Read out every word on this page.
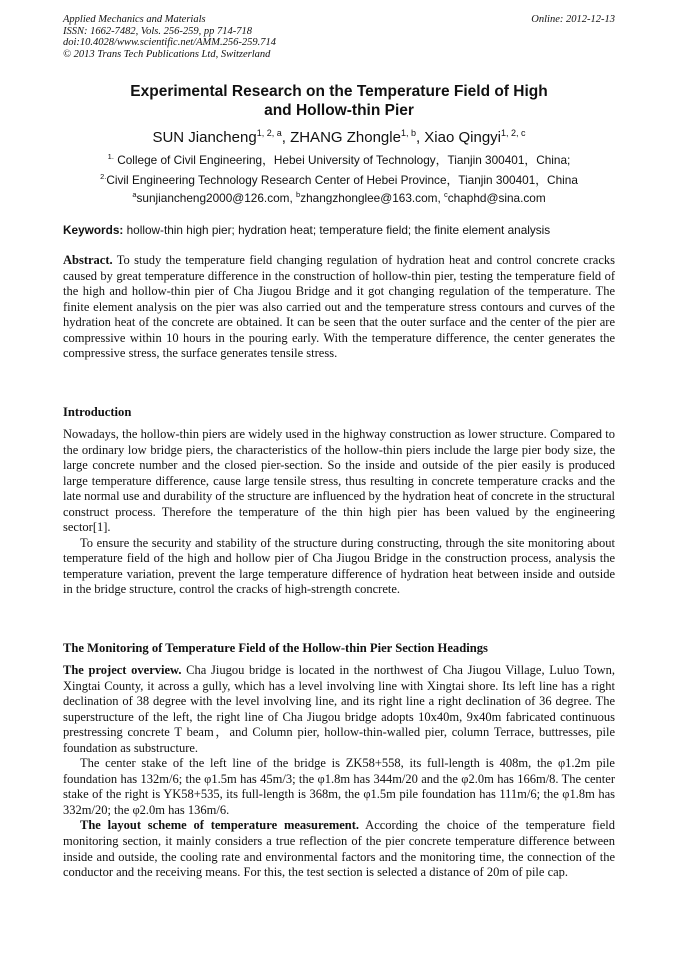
Applied Mechanics and Materials
ISSN: 1662-7482, Vols. 256-259, pp 714-718
doi:10.4028/www.scientific.net/AMM.256-259.714
© 2013 Trans Tech Publications Ltd, Switzerland
Online: 2012-12-13
Experimental Research on the Temperature Field of High
and Hollow-thin Pier
SUN Jiancheng$^{1, 2, a}$, ZHANG Zhongle$^{1, b}$, Xiao Qingyi$^{1, 2, c}$
$^{1.}$ College of Civil Engineering，Hebei University of Technology，Tianjin 300401，China;
$^{2.}$Civil Engineering Technology Research Center of Hebei Province，Tianjin 300401，China
$^a$sunjiancheng2000@126.com, $^b$zhangzhonglee@163.com, $^c$chaphd@sina.com
Keywords: hollow-thin high pier; hydration heat; temperature field; the finite element analysis

Abstract. To study the temperature field changing regulation of hydration heat and control concrete cracks caused by great temperature difference in the construction of hollow-thin pier, testing the temperature field of the high and hollow-thin pier of Cha Jiugou Bridge and it got changing regulation of the temperature. The finite element analysis on the pier was also carried out and the temperature stress contours and curves of the hydration heat of the concrete are obtained. It can be seen that the outer surface and the center of the pier are compressive within 10 hours in the pouring early. With the temperature difference, the center generates the compressive stress, the surface generates tensile stress.

Introduction

Nowadays, the hollow-thin piers are widely used in the highway construction as lower structure. Compared to the ordinary low bridge piers, the characteristics of the hollow-thin piers include the large pier body size, the large concrete number and the closed pier-section. So the inside and outside of the pier easily is produced large temperature difference, cause large tensile stress, thus resulting in concrete temperature cracks and the late normal use and durability of the structure are influenced by the hydration heat of concrete in the structural construct process. Therefore the temperature of the thin high pier has been valued by the engineering sector[1].

To ensure the security and stability of the structure during constructing, through the site monitoring about temperature field of the high and hollow pier of Cha Jiugou Bridge in the construction process, analysis the temperature variation, prevent the large temperature difference of hydration heat between inside and outside in the bridge structure, control the cracks of high-strength concrete.

The Monitoring of Temperature Field of the Hollow-thin Pier Section Headings

The project overview. Cha Jiugou bridge is located in the northwest of Cha Jiugou Village, Luluo Town, Xingtai County, it across a gully, which has a level involving line with Xingtai shore. Its left line has a right declination of 38 degree with the level involving line, and its right line a right declination of 36 degree. The superstructure of the left, the right line of Cha Jiugou bridge adopts 10x40m, 9x40m fabricated continuous prestressing concrete T beam，and Column pier, hollow-thin-walled pier, column Terrace, buttresses, pile foundation as substructure.

The center stake of the left line of the bridge is ZK58+558, its full-length is 408m, the φ1.2m pile foundation has 132m/6; the φ1.5m has 45m/3; the φ1.8m has 344m/20 and the φ2.0m has 166m/8. The center stake of the right is YK58+535, its full-length is 368m, the φ1.5m pile foundation has 111m/6; the φ1.8m has 332m/20; the φ2.0m has 136m/6.

The layout scheme of temperature measurement. According the choice of the temperature field monitoring section, it mainly considers a true reflection of the pier concrete temperature difference between inside and outside, the cooling rate and environmental factors and the monitoring time, the connection of the conductor and the receiving means. For this, the test section is selected a distance of 20m of pile cap.
